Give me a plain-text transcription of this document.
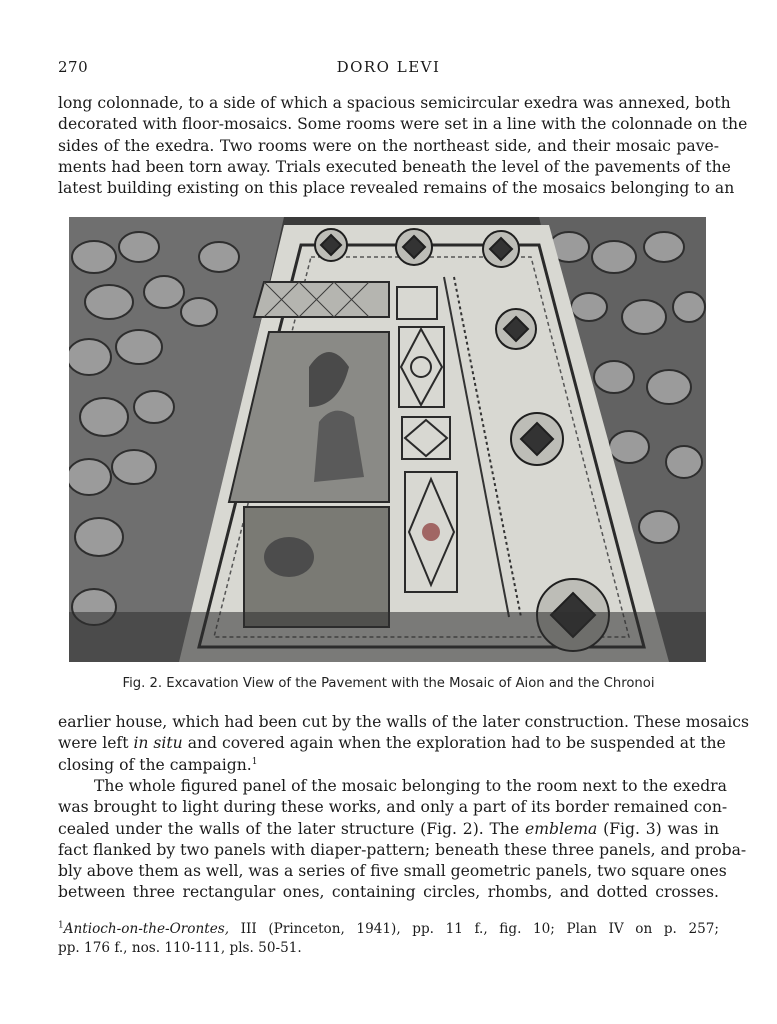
270	DORO LEVI

long colonnade, to a side of which a spacious semicircular exedra was annexed, both
decorated with floor-mosaics. Some rooms were set in a line with the colonnade on the
sides of the exedra. Two rooms were on the northeast side, and their mosaic pave-
ments had been torn away. Trials executed beneath the level of the pavements of the
latest building existing on this place revealed remains of the mosaics belonging to an

Fig. 2. Excavation View of the Pavement with the Mosaic of Aion and the Chronoi

earlier house, which had been cut by the walls of the later construction. These mosaics
were left in situ and covered again when the exploration had to be suspended at the
closing of the campaign.$^1$

The whole figured panel of the mosaic belonging to the room next to the exedra
was brought to light during these works, and only a part of its border remained con-
cealed under the walls of the later structure (Fig. 2). The emblema (Fig. 3) was in
fact flanked by two panels with diaper-pattern; beneath these three panels, and proba-
bly above them as well, was a series of five small geometric panels, two square ones
between three rectangular ones, containing circles, rhombs, and dotted crosses.

$^1$Antioch-on-the-Orontes, III (Princeton, 1941), pp. 11 f., fig. 10; Plan IV on p. 257;
pp. 176 f., nos. 110-111, pls. 50-51.
